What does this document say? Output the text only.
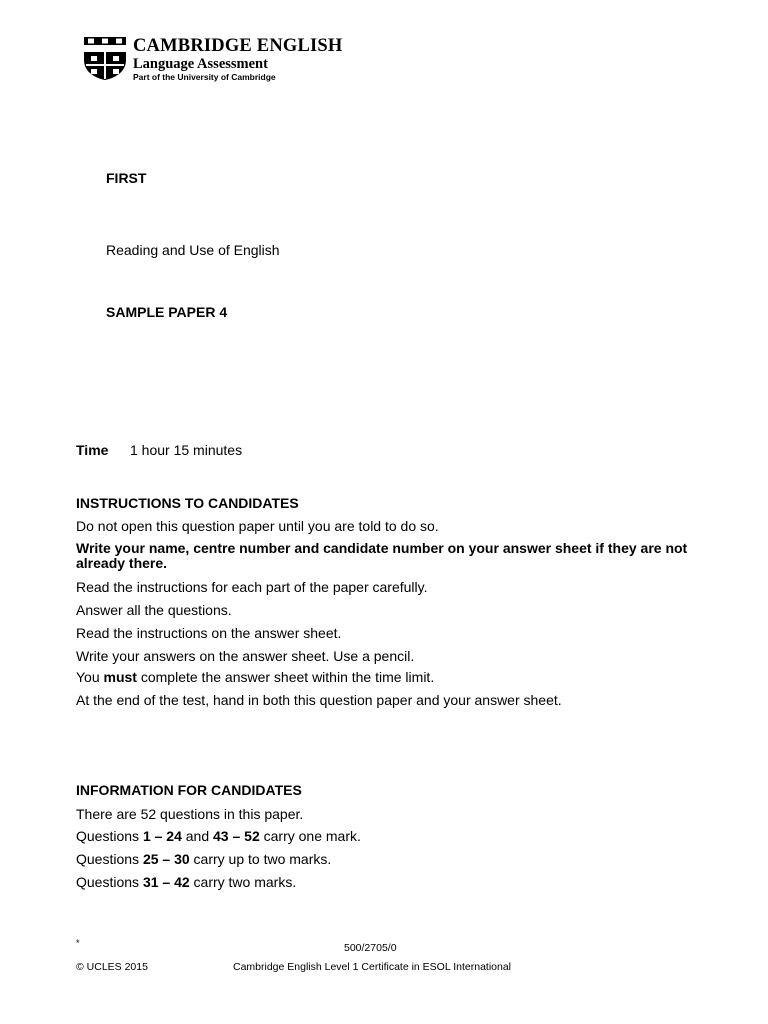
CAMBRIDGE ENGLISH
Language Assessment
Part of the University of Cambridge
FIRST
Reading and Use of English
SAMPLE PAPER 4
Time 1 hour 15 minutes
INSTRUCTIONS TO CANDIDATES
Do not open this question paper until you are told to do so.
Write your name, centre number and candidate number on your answer sheet if they are not already there.
Read the instructions for each part of the paper carefully.
Answer all the questions.
Read the instructions on the answer sheet.
Write your answers on the answer sheet. Use a pencil.
You must complete the answer sheet within the time limit.
At the end of the test, hand in both this question paper and your answer sheet.
INFORMATION FOR CANDIDATES
There are 52 questions in this paper.
Questions 1 – 24 and 43 – 52 carry one mark.
Questions 25 – 30 carry up to two marks.
Questions 31 – 42 carry two marks.
*	500/2705/0
© UCLES 2015	Cambridge English Level 1 Certificate in ESOL International
